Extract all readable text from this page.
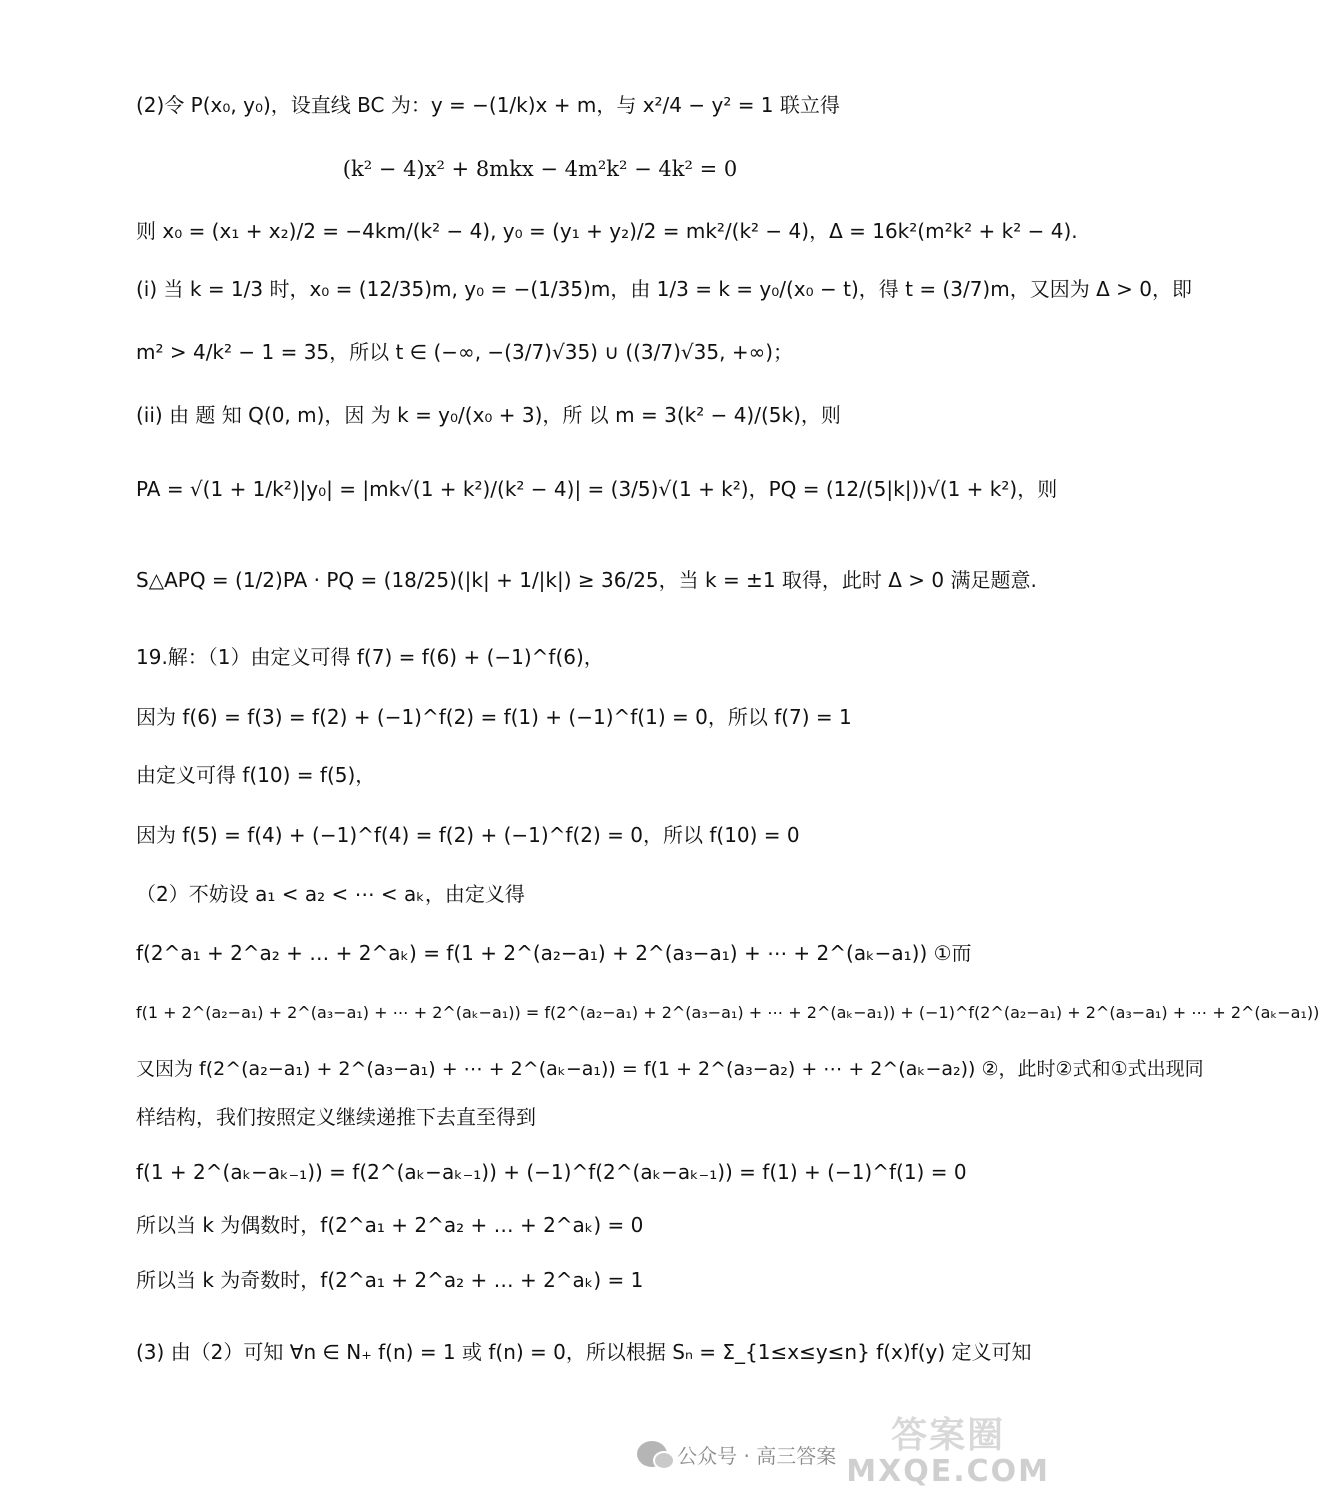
(2)令 P(x₀, y₀)，设直线 BC 为：y = −(1/k)x + m，与 x²/4 − y² = 1 联立得
(k² − 4)x² + 8mkx − 4m²k² − 4k² = 0
则 x₀ = (x₁ + x₂)/2 = −4km/(k² − 4), y₀ = (y₁ + y₂)/2 = mk²/(k² − 4)，Δ = 16k²(m²k² + k² − 4).
(i) 当 k = 1/3 时，x₀ = (12/35)m, y₀ = −(1/35)m，由 1/3 = k = y₀/(x₀ − t)，得 t = (3/7)m，又因为 Δ > 0，即
m² > 4/k² − 1 = 35，所以 t ∈ (−∞, −(3/7)√35) ∪ ((3/7)√35, +∞)；
(ii) 由 题 知 Q(0, m)，因 为 k = y₀/(x₀ + 3)，所 以 m = 3(k² − 4)/(5k)，则
PA = √(1 + 1/k²)|y₀| = |mk√(1 + k²)/(k² − 4)| = (3/5)√(1 + k²)，PQ = (12/(5|k|))√(1 + k²)，则
S△APQ = (1/2)PA · PQ = (18/25)(|k| + 1/|k|) ≥ 36/25，当 k = ±1 取得，此时 Δ > 0 满足题意.
19.解：（1）由定义可得 f(7) = f(6) + (−1)^f(6)，
因为 f(6) = f(3) = f(2) + (−1)^f(2) = f(1) + (−1)^f(1) = 0，所以 f(7) = 1
由定义可得 f(10) = f(5)，
因为 f(5) = f(4) + (−1)^f(4) = f(2) + (−1)^f(2) = 0，所以 f(10) = 0
（2）不妨设 a₁ < a₂ < ⋯ < aₖ，由定义得
f(2^a₁ + 2^a₂ + … + 2^aₖ) = f(1 + 2^(a₂−a₁) + 2^(a₃−a₁) + ⋯ + 2^(aₖ−a₁)) ①而
f(1 + 2^(a₂−a₁) + 2^(a₃−a₁) + ⋯ + 2^(aₖ−a₁)) = f(2^(a₂−a₁) + 2^(a₃−a₁) + ⋯ + 2^(aₖ−a₁)) + (−1)^f(2^(a₂−a₁) + 2^(a₃−a₁) + ⋯ + 2^(aₖ−a₁))
又因为 f(2^(a₂−a₁) + 2^(a₃−a₁) + ⋯ + 2^(aₖ−a₁)) = f(1 + 2^(a₃−a₂) + ⋯ + 2^(aₖ−a₂)) ②，此时②式和①式出现同
样结构，我们按照定义继续递推下去直至得到
f(1 + 2^(aₖ−aₖ₋₁)) = f(2^(aₖ−aₖ₋₁)) + (−1)^f(2^(aₖ−aₖ₋₁)) = f(1) + (−1)^f(1) = 0
所以当 k 为偶数时，f(2^a₁ + 2^a₂ + … + 2^aₖ) = 0
所以当 k 为奇数时，f(2^a₁ + 2^a₂ + … + 2^aₖ) = 1
(3) 由（2）可知 ∀n ∈ N₊ f(n) = 1 或 f(n) = 0，所以根据 Sₙ = Σ_{1≤x≤y≤n} f(x)f(y) 定义可知
公众号 · 高三答案 答案圈
MXQE.COM
